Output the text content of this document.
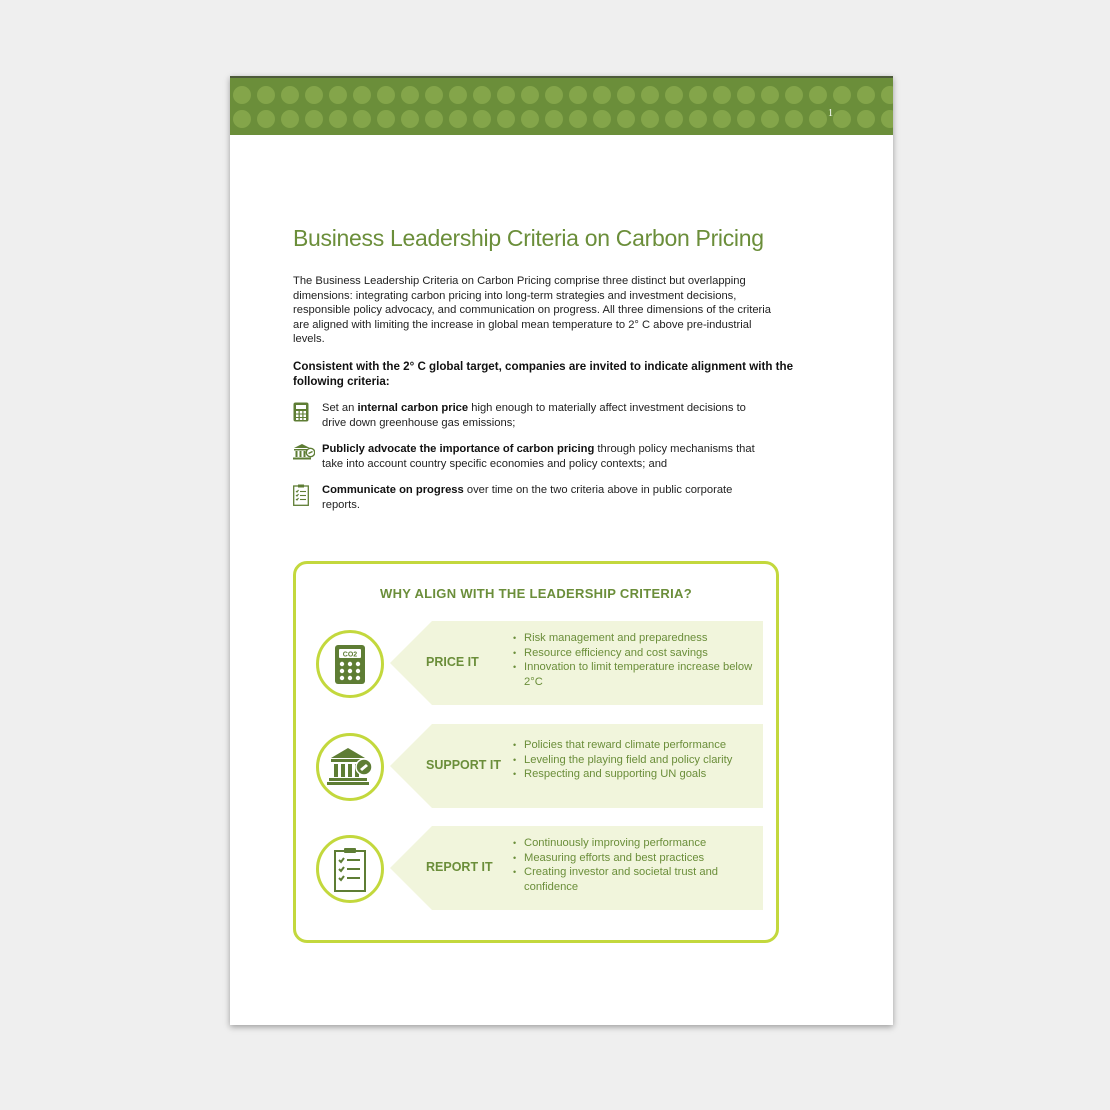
1
Business Leadership Criteria on Carbon Pricing

The Business Leadership Criteria on Carbon Pricing comprise three distinct but overlapping dimensions: integrating carbon pricing into long-term strategies and investment decisions, responsible policy advocacy, and communication on progress. All three dimensions of the criteria are aligned with limiting the increase in global mean temperature to 2° C above pre-industrial levels.

Consistent with the 2° C global target, companies are invited to indicate alignment with the following criteria:

Set an internal carbon price high enough to materially affect investment decisions to drive down greenhouse gas emissions;
Publicly advocate the importance of carbon pricing through policy mechanisms that take into account country specific economies and policy contexts; and
Communicate on progress over time on the two criteria above in public corporate reports.
WHY ALIGN WITH THE LEADERSHIP CRITERIA?
CO2	PRICE IT
• Risk management and preparedness
• Resource efficiency and cost savings
• Innovation to limit temperature increase below 2°C
SUPPORT IT
• Policies that reward climate performance
• Leveling the playing field and policy clarity
• Respecting and supporting UN goals
REPORT IT
• Continuously improving performance
• Measuring efforts and best practices
• Creating investor and societal trust and confidence
